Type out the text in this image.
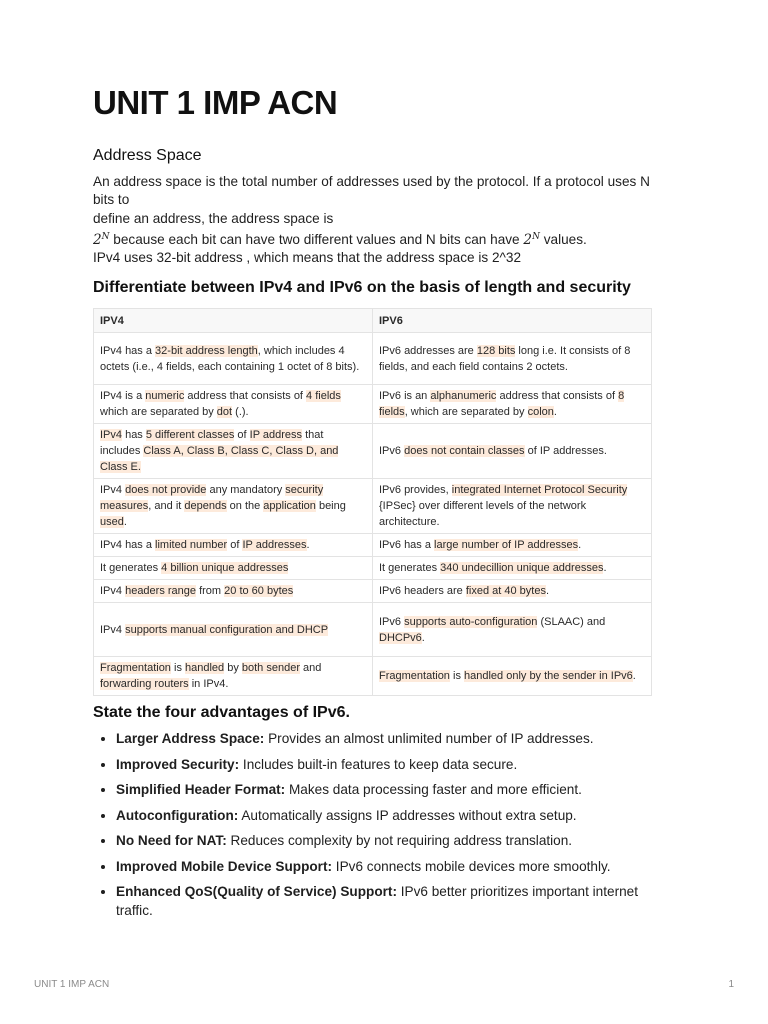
UNIT 1 IMP ACN
Address Space
An address space is the total number of addresses used by the protocol. If a protocol uses N
bits to
define an address, the address space is
$2^N$ because each bit can have two different values and N bits can have $2^N$ values.
IPv4 uses 32-bit address , which means that the address space is 2^32
Differentiate between IPv4 and IPv6 on the basis of length and security
IPV4	IPV6
IPv4 has a 32-bit address length, which includes 4 octets (i.e., 4 fields, each containing 1 octet of 8 bits).	IPv6 addresses are 128 bits long i.e. It consists of 8 fields, and each field contains 2 octets.
IPv4 is a numeric address that consists of 4 fields which are separated by dot (.).	IPv6 is an alphanumeric address that consists of 8 fields, which are separated by colon.
IPv4 has 5 different classes of IP address that includes Class A, Class B, Class C, Class D, and Class E.	IPv6 does not contain classes of IP addresses.
IPv4 does not provide any mandatory security measures, and it depends on the application being used.	IPv6 provides, integrated Internet Protocol Security {IPSec} over different levels of the network architecture.
IPv4 has a limited number of IP addresses.	IPv6 has a large number of IP addresses.
It generates 4 billion unique addresses	It generates 340 undecillion unique addresses.
IPv4 headers range from 20 to 60 bytes	IPv6 headers are fixed at 40 bytes.
IPv4 supports manual configuration and DHCP	IPv6 supports auto-configuration (SLAAC) and DHCPv6.
Fragmentation is handled by both sender and forwarding routers in IPv4.	Fragmentation is handled only by the sender in IPv6.
State the four advantages of IPv6.
• Larger Address Space: Provides an almost unlimited number of IP addresses.
• Improved Security: Includes built-in features to keep data secure.
• Simplified Header Format: Makes data processing faster and more efficient.
• Autoconfiguration: Automatically assigns IP addresses without extra setup.
• No Need for NAT: Reduces complexity by not requiring address translation.
• Improved Mobile Device Support: IPv6 connects mobile devices more smoothly.
• Enhanced QoS(Quality of Service) Support: IPv6 better prioritizes important internet traffic.
UNIT 1 IMP ACN	1
